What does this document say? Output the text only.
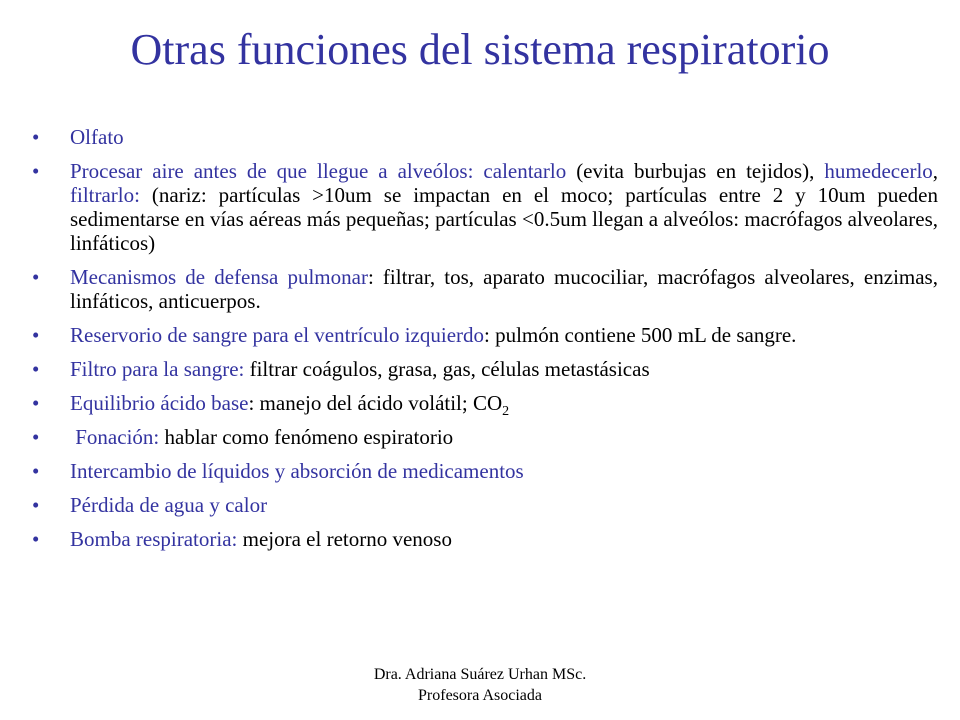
Otras funciones del sistema respiratorio
• Olfato
• Procesar aire antes de que llegue a alveólos: calentarlo (evita burbujas en tejidos), humedecerlo, filtrarlo: (nariz: partículas >10um se impactan en el moco; partículas entre 2 y 10um pueden sedimentarse en vías aéreas más pequeñas; partículas <0.5um llegan a alveólos: macrófagos alveolares, linfáticos)
• Mecanismos de defensa pulmonar: filtrar, tos, aparato mucociliar, macrófagos alveolares, enzimas, linfáticos, anticuerpos.
• Reservorio de sangre para el ventrículo izquierdo: pulmón contiene 500 mL de sangre.
• Filtro para la sangre: filtrar coágulos, grasa, gas, células metastásicas
• Equilibrio ácido base: manejo del ácido volátil; $CO_2$
• Fonación: hablar como fenómeno espiratorio
• Intercambio de líquidos y absorción de medicamentos
• Pérdida de agua y calor
• Bomba respiratoria: mejora el retorno venoso
Dra. Adriana Suárez Urhan MSc.
Profesora Asociada
